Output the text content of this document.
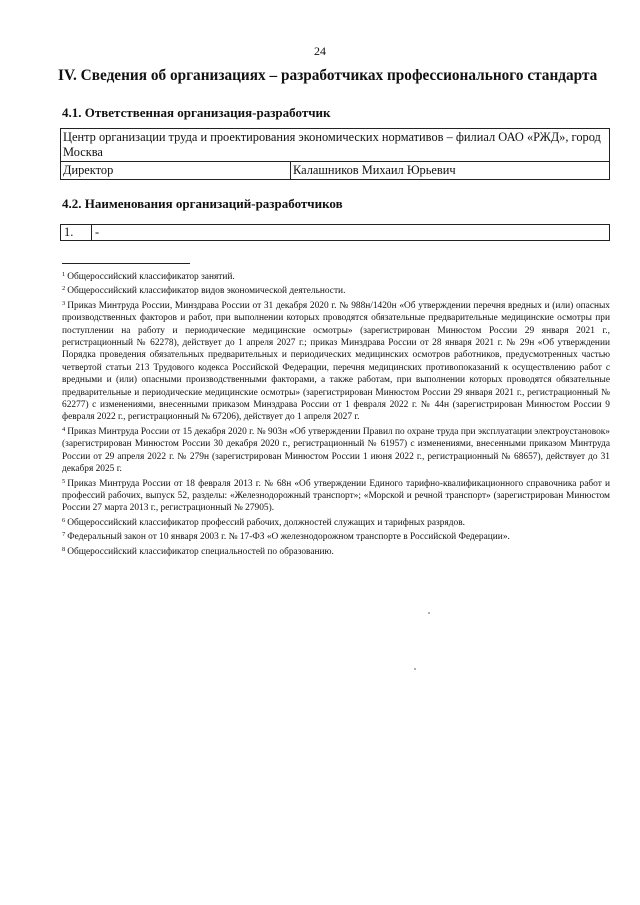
24
IV. Сведения об организациях – разработчиках профессионального стандарта
4.1. Ответственная организация-разработчик
Центр организации труда и проектирования экономических нормативов – филиал ОАО «РЖД», город Москва
Директор	Калашников Михаил Юрьевич
4.2. Наименования организаций-разработчиков
1.	-

$^1$ Общероссийский классификатор занятий.

$^2$ Общероссийский классификатор видов экономической деятельности.

$^3$ Приказ Минтруда России, Минздрава России от 31 декабря 2020 г. № 988н/1420н «Об утверждении перечня вредных и (или) опасных производственных факторов и работ, при выполнении которых проводятся обязательные предварительные медицинские осмотры при поступлении на работу и периодические медицинские осмотры» (зарегистрирован Минюстом России 29 января 2021 г., регистрационный № 62278), действует до 1 апреля 2027 г.; приказ Минздрава России от 28 января 2021 г. № 29н «Об утверждении Порядка проведения обязательных предварительных и периодических медицинских осмотров работников, предусмотренных частью четвертой статьи 213 Трудового кодекса Российской Федерации, перечня медицинских противопоказаний к осуществлению работ с вредными и (или) опасными производственными факторами, а также работам, при выполнении которых проводятся обязательные предварительные и периодические медицинские осмотры» (зарегистрирован Минюстом России 29 января 2021 г., регистрационный № 62277) с изменениями, внесенными приказом Минздрава России от 1 февраля 2022 г. № 44н (зарегистрирован Минюстом России 9 февраля 2022 г., регистрационный № 67206), действует до 1 апреля 2027 г.

$^4$ Приказ Минтруда России от 15 декабря 2020 г. № 903н «Об утверждении Правил по охране труда при эксплуатации электроустановок» (зарегистрирован Минюстом России 30 декабря 2020 г., регистрационный № 61957) с изменениями, внесенными приказом Минтруда России от 29 апреля 2022 г. № 279н (зарегистрирован Минюстом России 1 июня 2022 г., регистрационный № 68657), действует до 31 декабря 2025 г.

$^5$ Приказ Минтруда России от 18 февраля 2013 г. № 68н «Об утверждении Единого тарифно-квалификационного справочника работ и профессий рабочих, выпуск 52, разделы: «Железнодорожный транспорт»; «Морской и речной транспорт» (зарегистрирован Минюстом России 27 марта 2013 г., регистрационный № 27905).

$^6$ Общероссийский классификатор профессий рабочих, должностей служащих и тарифных разрядов.

$^7$ Федеральный закон от 10 января 2003 г. № 17-ФЗ «О железнодорожном транспорте в Российской Федерации».

$^8$ Общероссийский классификатор специальностей по образованию.
